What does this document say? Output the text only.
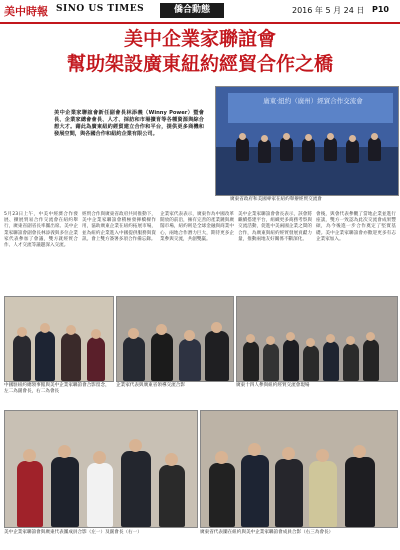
美中時報 SINO US TIMES	僑合動態	2016 年 5 月 24 日 P10
美中企業家聯誼會
幫助架設廣東紐約經貿合作之橋
美中企業家聯誼會新任副會長林添義（Winny Power）暨會長、企業家總會會長、人才、採訪和市場擴育等各種資源與綜合想大才。藉此為廣東紐約經貿建立合作和平台，提供更多商機和發展空間，與各國合作和紐約企業有限公司。
廣東·紐約（廣州）經貿合作交流會
廣東省政府和美國專家在紐約舉辦經貿交流會
5月23日上午，中美中經濟合作發展、擴展貿易合作交流會在紐約舉行，廣東省副省長率團出席。美中企業家聯誼會副會長林添義與多位企業家代表參加了會議，雙方就經貿合作、人才交流等議題深入交流。
經貿合作與廣東省政府共同推動下，美中企業家聯誼會積極發揮橋樑作用，協助廣東企業在紐約拓展市場，並為紐約企業進入中國提供服務與資訊。會上雙方簽署多項合作備忘錄。
企業家代表表示，廣東作為中國改革開放的前沿，擁有完善的產業鏈與廣闊市場，紐約則是全球金融與商業中心，兩地合作潛力巨大，期待更多企業參與交流，共創雙贏。
美中企業家聯誼會會長表示，該會將繼續搭建平台，組織更多商務考察與交流活動，促進中美兩國企業之間的合作，為廣東與紐約經貿發展貢獻力量，推動兩地友好關係不斷深化。
會後，與會代表參觀了當地企業並進行座談，雙方一致認為此次交流會成果豐碩，為今後進一步合作奠定了堅實基礎。美中企業家聯誼會亦歡迎更多有志企業家加入。
中國駐紐約總領事館與美中企業家聯誼會合影留念，左二為副會長，右二為會長
企業家代表與廣東省領導交流合影	廣東十四人參與紐約經貿交流會現場
美中企業家聯誼會與廣東代表團成員合影（左一）及副會長（右一）	廣東省代表團在紐約與美中企業家聯誼會成員合影（右三為會長）
